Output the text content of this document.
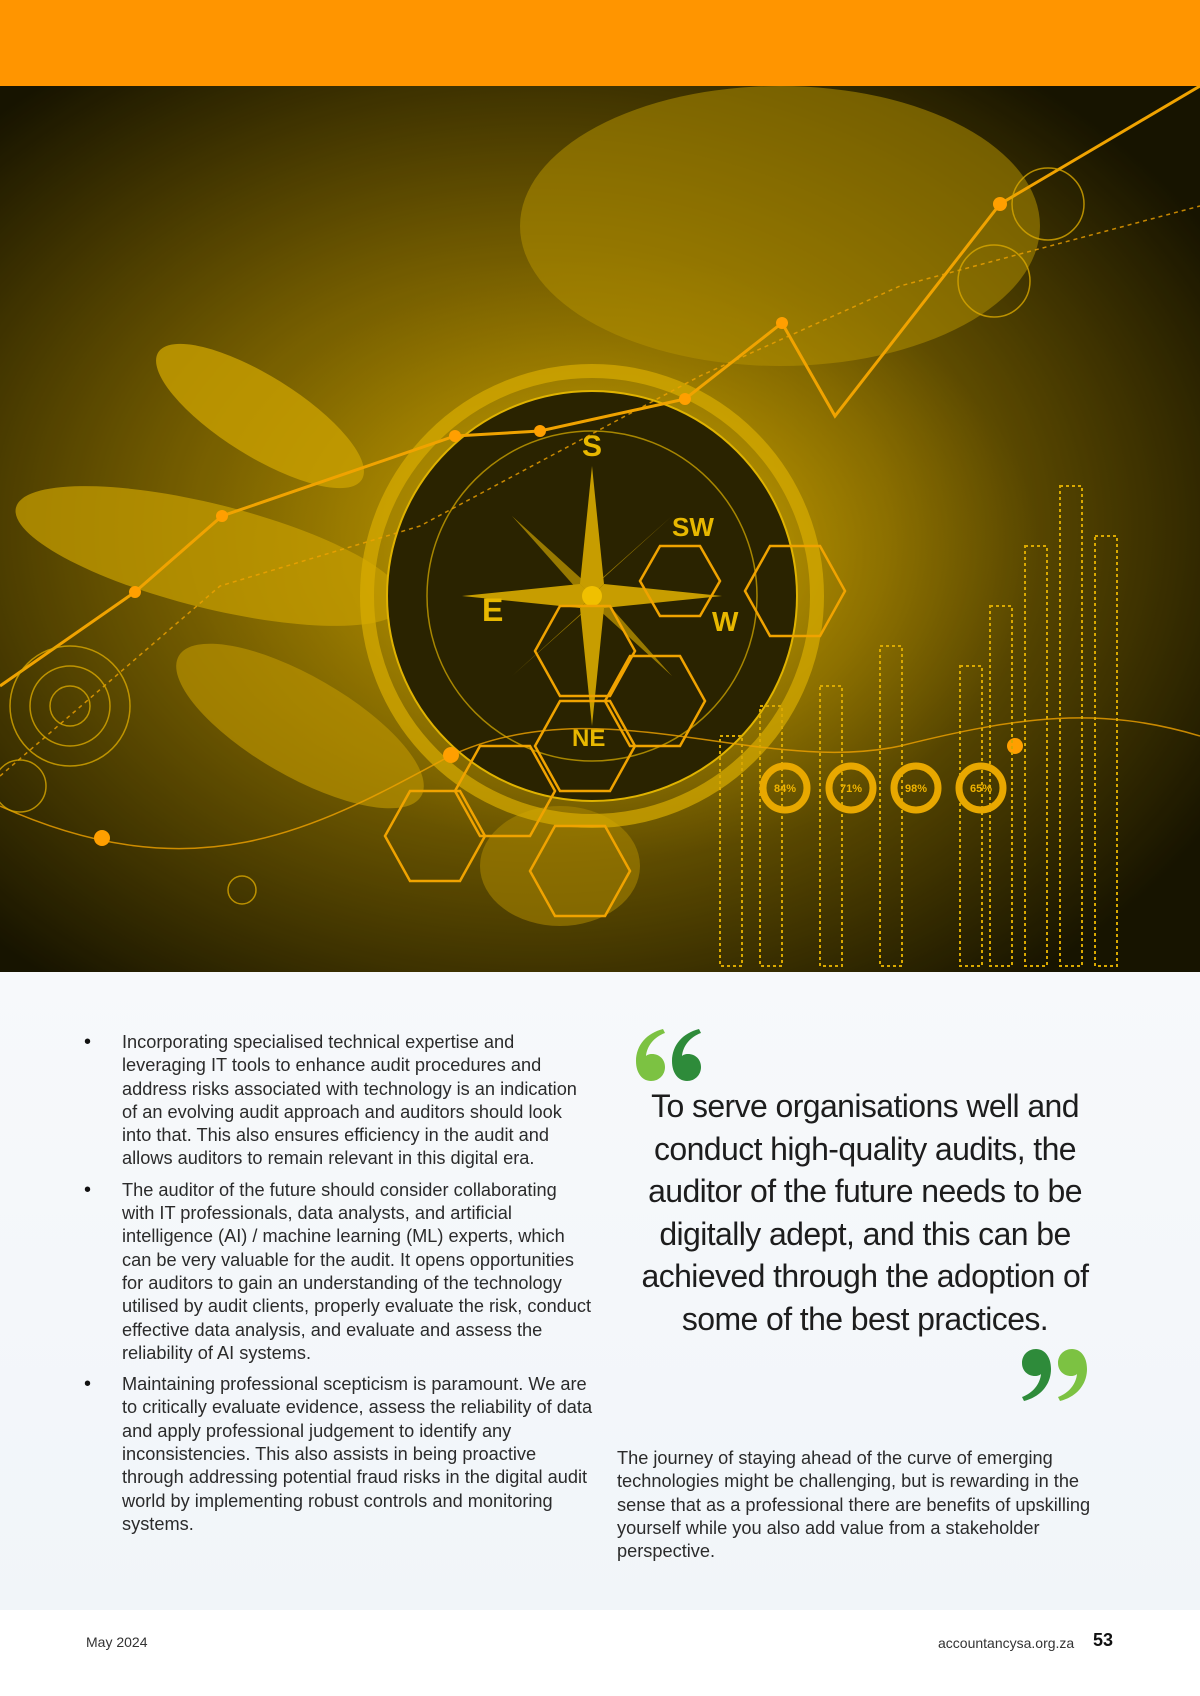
S
SW
E	W
NE
84%	71%	98%	65%
• Incorporating specialised technical expertise and leveraging IT tools to enhance audit procedures and address risks associated with technology is an indication of an evolving audit approach and auditors should look into that. This also ensures efficiency in the audit and allows auditors to remain relevant in this digital era.
• The auditor of the future should consider collaborating with IT professionals, data analysts, and artificial intelligence (AI) / machine learning (ML) experts, which can be very valuable for the audit. It opens opportunities for auditors to gain an understanding of the technology utilised by audit clients, properly evaluate the risk, conduct effective data analysis, and evaluate and assess the reliability of AI systems.
• Maintaining professional scepticism is paramount. We are to critically evaluate evidence, assess the reliability of data and apply professional judgement to identify any inconsistencies. This also assists in being proactive through addressing potential fraud risks in the digital audit world by implementing robust controls and monitoring systems.
To serve organisations well and conduct high-quality audits, the auditor of the future needs to be digitally adept, and this can be achieved through the adoption of some of the best practices.

The journey of staying ahead of the curve of emerging technologies might be challenging, but is rewarding in the sense that as a professional there are benefits of upskilling yourself while you also add value from a stakeholder perspective.

May 2024	accountancysa.org.za 53
